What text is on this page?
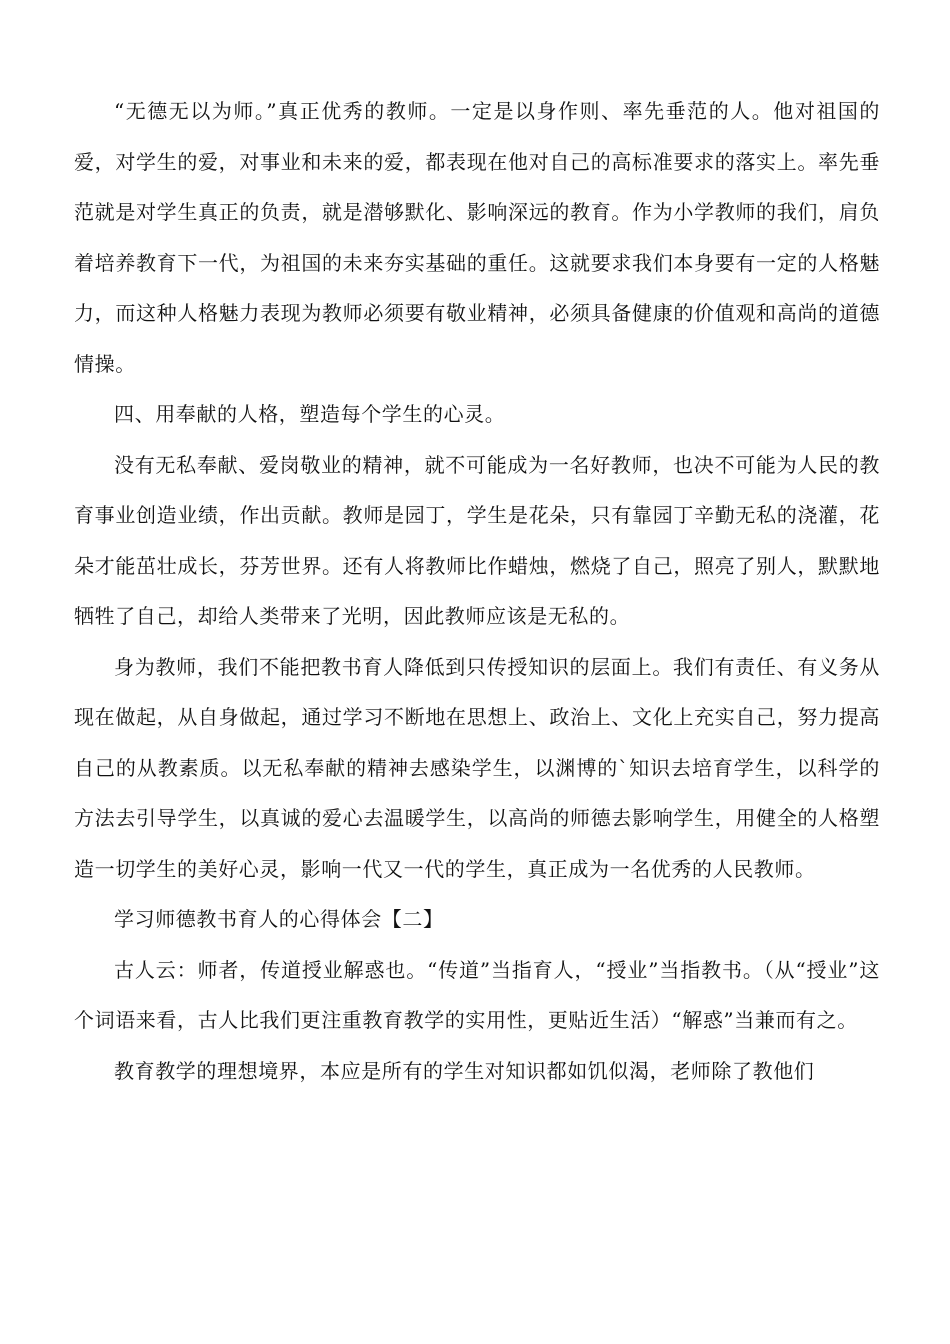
“无德无以为师。”真正优秀的教师。一定是以身作则、率先垂范的人。他对祖国的爱，对学生的爱，对事业和未来的爱，都表现在他对自己的高标准要求的落实上。率先垂范就是对学生真正的负责，就是潜够默化、影响深远的教育。作为小学教师的我们，肩负着培养教育下一代，为祖国的未来夯实基础的重任。这就要求我们本身要有一定的人格魅力，而这种人格魅力表现为教师必须要有敬业精神，必须具备健康的价值观和高尚的道德情操。

四、用奉献的人格，塑造每个学生的心灵。

没有无私奉献、爱岗敬业的精神，就不可能成为一名好教师，也决不可能为人民的教育事业创造业绩，作出贡献。教师是园丁，学生是花朵，只有靠园丁辛勤无私的浇灌，花朵才能茁壮成长，芬芳世界。还有人将教师比作蜡烛，燃烧了自己，照亮了别人，默默地牺牲了自己，却给人类带来了光明，因此教师应该是无私的。

身为教师，我们不能把教书育人降低到只传授知识的层面上。我们有责任、有义务从现在做起，从自身做起，通过学习不断地在思想上、政治上、文化上充实自己，努力提高自己的从教素质。以无私奉献的精神去感染学生，以渊博的`知识去培育学生，以科学的方法去引导学生，以真诚的爱心去温暖学生，以高尚的师德去影响学生，用健全的人格塑造一切学生的美好心灵，影响一代又一代的学生，真正成为一名优秀的人民教师。

学习师德教书育人的心得体会【二】

古人云：师者，传道授业解惑也。“传道”当指育人，“授业”当指教书。（从“授业”这个词语来看，古人比我们更注重教育教学的实用性，更贴近生活）“解惑”当兼而有之。

教育教学的理想境界，本应是所有的学生对知识都如饥似渴，老师除了教他们
